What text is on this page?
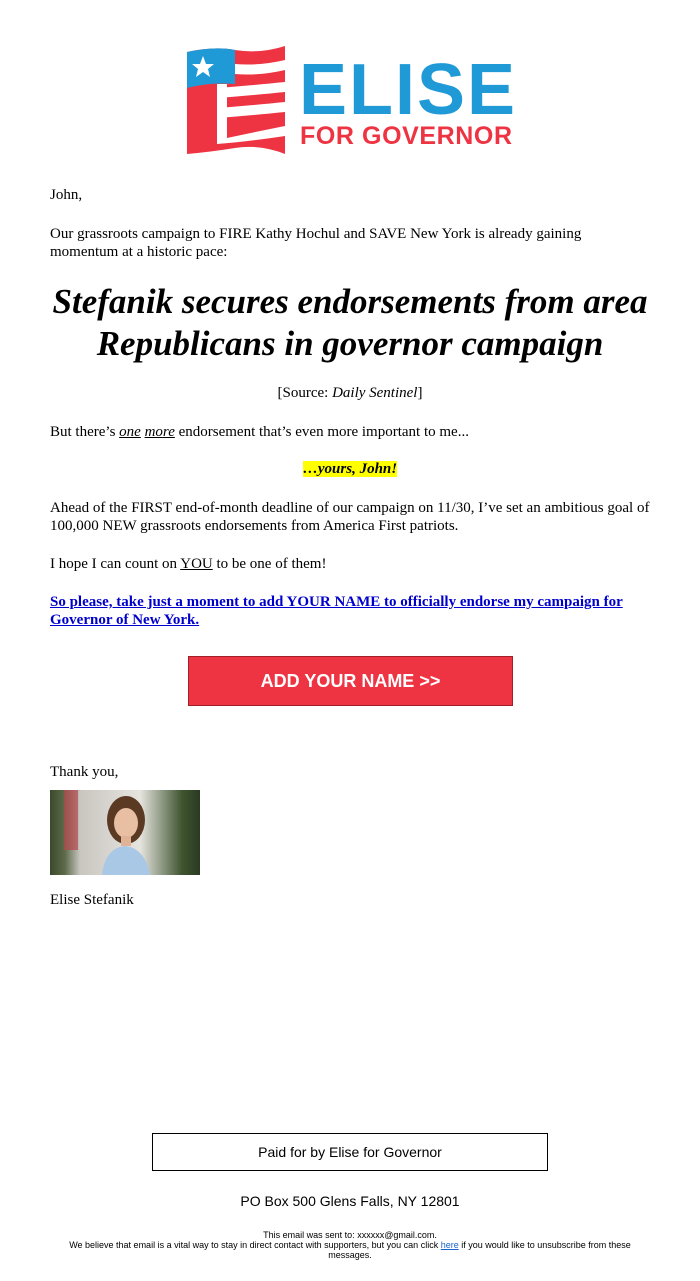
ELISE
FOR GOVERNOR

John,

Our grassroots campaign to FIRE Kathy Hochul and SAVE New York is already gaining momentum at a historic pace:

Stefanik secures endorsements from area Republicans in governor campaign

[Source: Daily Sentinel]

But there’s one more endorsement that’s even more important to me...

…yours, John!

Ahead of the FIRST end-of-month deadline of our campaign on 11/30, I’ve set an ambitious goal of 100,000 NEW grassroots endorsements from America First patriots.

I hope I can count on YOU to be one of them!

So please, take just a moment to add YOUR NAME to officially endorse my campaign for Governor of New York.

ADD YOUR NAME >>

Thank you,

Elise Stefanik

Paid for by Elise for Governor
PO Box 500 Glens Falls, NY 12801
This email was sent to: xxxxxx@gmail.com.
We believe that email is a vital way to stay in direct contact with supporters, but you can click here if you would like to unsubscribe from these messages.
